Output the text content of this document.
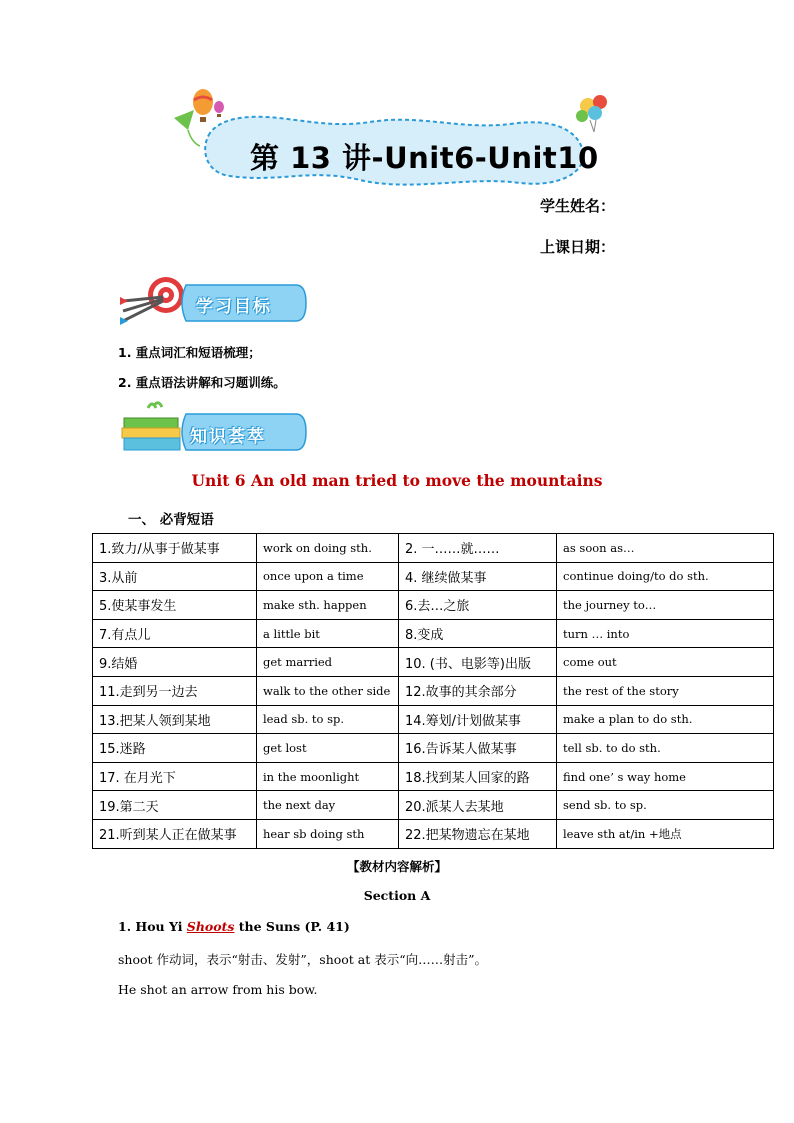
第 13 讲-Unit6-Unit10
学生姓名：
上课日期：
学习目标
1. 重点词汇和短语梳理；
2. 重点语法讲解和习题训练。
知识荟萃
Unit 6 An old man tried to move the mountains
一、 必背短语
1.致力/从事于做某事	work on doing sth.	2. 一……就……	as soon as…
3.从前	once upon a time	4. 继续做某事	continue doing/to do sth.
5.使某事发生	make sth. happen	6.去…之旅	the journey to…
7.有点儿	a little bit	8.变成	turn … into
9.结婚	get married	10. (书、电影等)出版	come out
11.走到另一边去	walk to the other side	12.故事的其余部分	the rest of the story
13.把某人领到某地	lead sb. to sp.	14.筹划/计划做某事	make a plan to do sth.
15.迷路	get lost	16.告诉某人做某事	tell sb. to do sth.
17. 在月光下	in the moonlight	18.找到某人回家的路	find one’ s way home
19.第二天	the next day	20.派某人去某地	send sb. to sp.
21.听到某人正在做某事	hear sb doing sth	22.把某物遗忘在某地	leave sth at/in +地点
【教材内容解析】
Section A
1. Hou Yi Shoots the Suns (P. 41)
shoot 作动词，表示“射击、发射”，shoot at 表示“向……射击”。
He shot an arrow from his bow.
